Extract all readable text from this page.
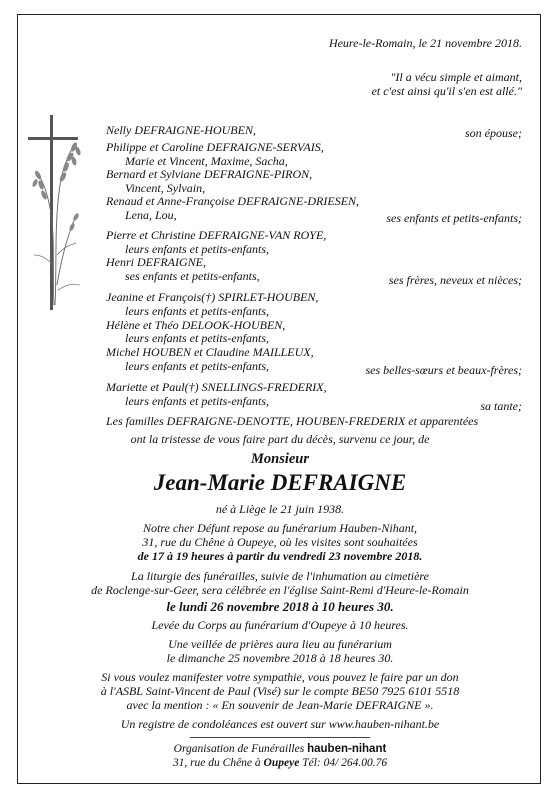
Heure-le-Romain, le 21 novembre 2018.
"Il a vécu simple et aimant,
et c'est ainsi qu'il s'en est allé."
Nelly DEFRAIGNE-HOUBEN,	son épouse;
Philippe et Caroline DEFRAIGNE-SERVAIS,
Marie et Vincent, Maxime, Sacha,
Bernard et Sylviane DEFRAIGNE-PIRON,
Vincent, Sylvain,
Renaud et Anne-Françoise DEFRAIGNE-DRIESEN,
Lena, Lou,	ses enfants et petits-enfants;
Pierre et Christine DEFRAIGNE-VAN ROYE,
leurs enfants et petits-enfants,
Henri DEFRAIGNE,
ses enfants et petits-enfants,	ses frères, neveux et nièces;
Jeanine et François(†) SPIRLET-HOUBEN,
leurs enfants et petits-enfants,
Hélène et Théo DELOOK-HOUBEN,
leurs enfants et petits-enfants,
Michel HOUBEN et Claudine MAILLEUX,
leurs enfants et petits-enfants,	ses belles-sœurs et beaux-frères;
Mariette et Paul(†) SNELLINGS-FREDERIX,
leurs enfants et petits-enfants,	sa tante;
Les familles DEFRAIGNE-DENOTTE, HOUBEN-FREDERIX et apparentées
ont la tristesse de vous faire part du décès, survenu ce jour, de
Monsieur
Jean-Marie DEFRAIGNE
né à Liège le 21 juin 1938.
Notre cher Défunt repose au funérarium Hauben-Nihant,
31, rue du Chêne à Oupeye, où les visites sont souhaitées
de 17 à 19 heures à partir du vendredi 23 novembre 2018.
La liturgie des funérailles, suivie de l'inhumation au cimetière
de Roclenge-sur-Geer, sera célébrée en l'église Saint-Remi d'Heure-le-Romain
le lundi 26 novembre 2018 à 10 heures 30.
Levée du Corps au funérarium d'Oupeye à 10 heures.
Une veillée de prières aura lieu au funérarium
le dimanche 25 novembre 2018 à 18 heures 30.
Si vous voulez manifester votre sympathie, vous pouvez le faire par un don
à l'ASBL Saint-Vincent de Paul (Visé) sur le compte BE50 7925 6101 5518
avec la mention : « En souvenir de Jean-Marie DEFRAIGNE ».
Un registre de condoléances est ouvert sur www.hauben-nihant.be
Organisation de Funérailles hauben-nihant
31, rue du Chêne à Oupeye Tél: 04/ 264.00.76
